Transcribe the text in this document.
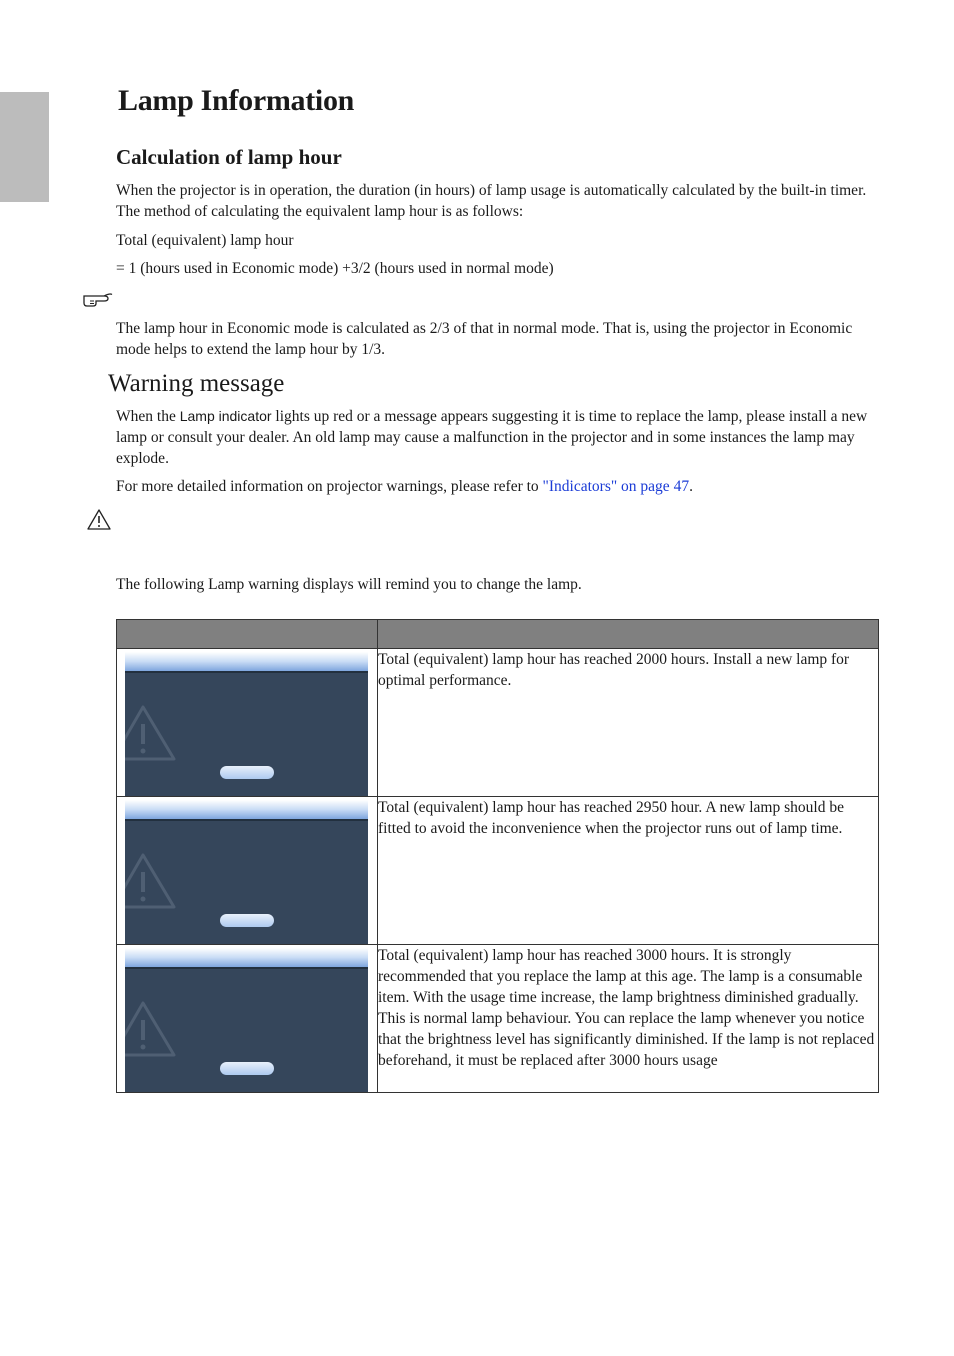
Lamp Information
Calculation of lamp hour

When the projector is in operation, the duration (in hours) of lamp usage is automatically calculated by the built-in timer. The method of calculating the equivalent lamp hour is as follows:

Total (equivalent) lamp hour

= 1 (hours used in Economic mode) +3/2 (hours used in normal mode)

The lamp hour in Economic mode is calculated as 2/3 of that in normal mode. That is, using the projector in Economic mode helps to extend the lamp hour by 1/3.

Warning message

When the Lamp indicator lights up red or a message appears suggesting it is time to replace the lamp, please install a new lamp or consult your dealer. An old lamp may cause a malfunction in the projector and in some instances the lamp may explode.

For more detailed information on projector warnings, please refer to "Indicators" on page 47.

The following Lamp warning displays will remind you to change the lamp.

	Total (equivalent) lamp hour has reached 2000 hours. Install a new lamp for optimal performance.

	Total (equivalent) lamp hour has reached 2950 hour. A new lamp should be fitted to avoid the inconvenience when the projector runs out of lamp time.

	Total (equivalent) lamp hour has reached 3000 hours. It is strongly recommended that you replace the lamp at this age. The lamp is a consumable item. With the usage time increase, the lamp brightness diminished gradually. This is normal lamp behaviour. You can replace the lamp whenever you notice that the brightness level has significantly diminished. If the lamp is not replaced beforehand, it must be replaced after 3000 hours usage
